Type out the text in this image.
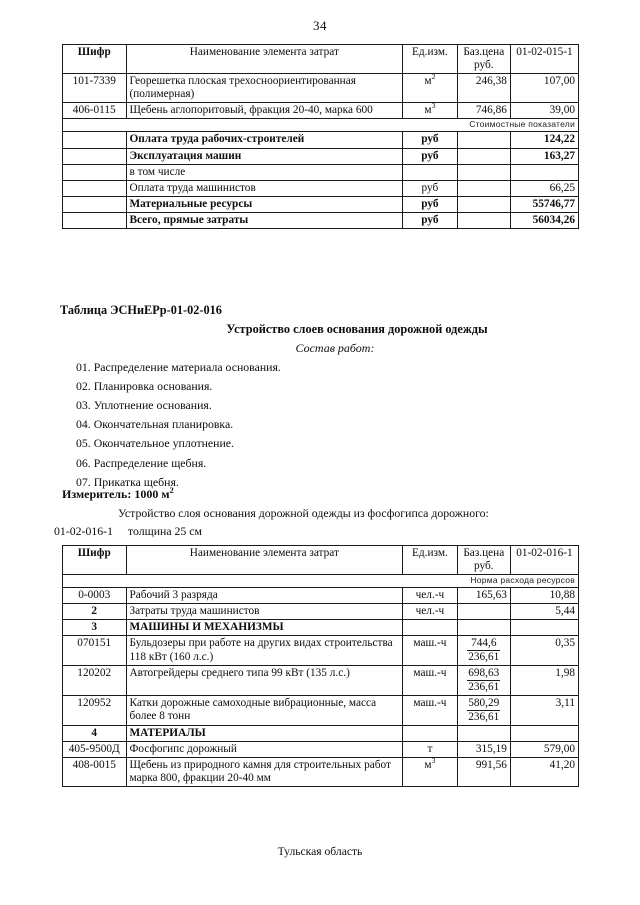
34
Шифр	Наименование элемента затрат	Ед.изм.	Баз.цена
руб.	01-02-015-1
101-7339	Георешетка плоская трехосноориентированная (полимерная)	$м^2$	246,38	107,00
406-0115	Щебень аглопоритовый, фракция 20-40, марка 600	$м^3$	746,86	39,00
Стоимостные показатели				
	Оплата труда рабочих-строителей	руб		124,22
	Эксплуатация машин	руб		163,27
	в том числе			
	Оплата труда машинистов	руб		66,25
	Материальные ресурсы	руб		55746,77
	Всего, прямые затраты	руб		56034,26
Таблица ЭСНиЕРр-01-02-016
Устройство слоев основания дорожной одежды
Состав работ:
01. Распределение материала основания.
02. Планировка основания.
03. Уплотнение основания.
04. Окончательная планировка.
05. Окончательное уплотнение.
06. Распределение щебня.
07. Прикатка щебня.
Измеритель: 1000 $м^2$
Устройство слоя основания дорожной одежды из фосфогипса дорожного:
01-02-016-1 толщина 25 см
Шифр	Наименование элемента затрат	Ед.изм.	Баз.цена
руб.	01-02-016-1
Норма расхода ресурсов				
0-0003	Рабочий 3 разряда	чел.-ч	165,63	10,88
2	Затраты труда машинистов	чел.-ч		5,44
3	МАШИНЫ И МЕХАНИЗМЫ			
070151	Бульдозеры при работе на других видах строительства 118 кВт (160 л.с.)	маш.-ч	$\frac{744,6}{236,61}$	0,35
120202	Автогрейдеры среднего типа 99 кВт (135 л.с.)	маш.-ч	$\frac{698,63}{236,61}$	1,98
120952	Катки дорожные самоходные вибрационные, масса более 8 тонн	маш.-ч	$\frac{580,29}{236,61}$	3,11
4	МАТЕРИАЛЫ			
405-9500Д	Фосфогипс дорожный	т	315,19	579,00
408-0015	Щебень из природного камня для строительных работ марка 800, фракции 20-40 мм	$м^3$	991,56	41,20
Тульская область
